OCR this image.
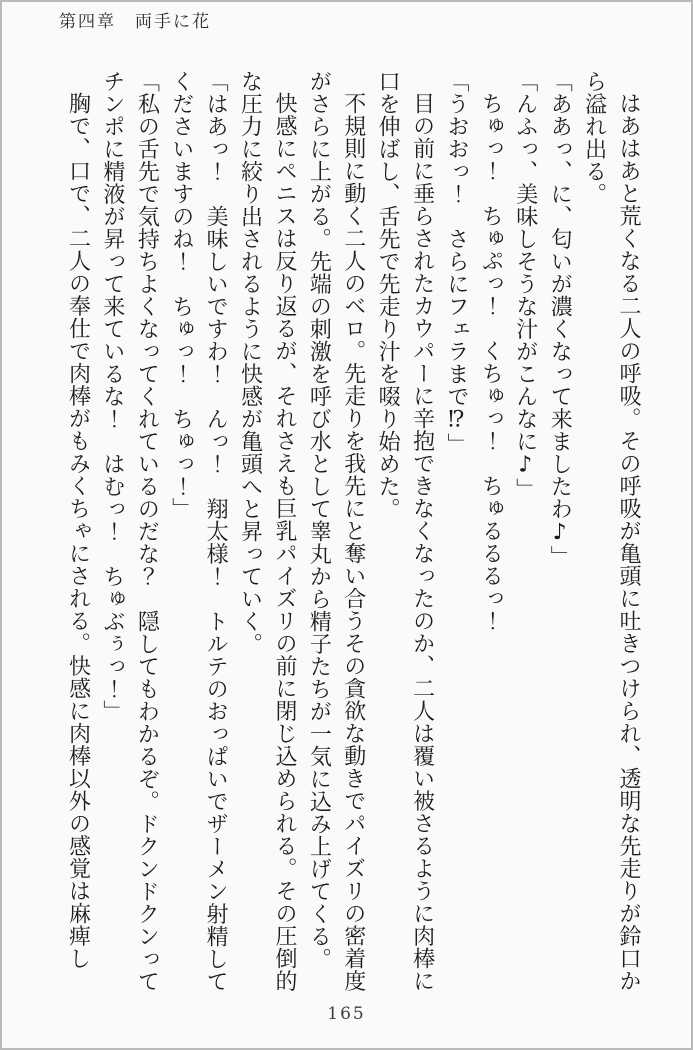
第四章　両手に花

はあはあと荒くなる二人の呼吸。その呼吸が亀頭に吐きつけられ、透明な先走りが鈴口から溢れ出る。

「ああっ、に、匂いが濃くなって来ましたわ♪」

「んふっ、美味しそうな汁がこんなに♪」

ちゅっ！　ちゅぷっ！　くちゅっ！　ちゅるるるっ！

「うおおっ！　さらにフェラまで⁉」

目の前に垂らされたカウパーに辛抱できなくなったのか、二人は覆い被さるように肉棒に口を伸ばし、舌先で先走り汁を啜り始めた。

不規則に動く二人のベロ。先走りを我先にと奪い合うその貪欲な動きでパイズリの密着度がさらに上がる。先端の刺激を呼び水として睾丸から精子たちが一気に込み上げてくる。

快感にペニスは反り返るが、それさえも巨乳パイズリの前に閉じ込められる。その圧倒的な圧力に絞り出されるように快感が亀頭へと昇っていく。

「はあっ！　美味しいですわ！　んっ！　翔太様！　トルテのおっぱいでザーメン射精してくださいますのね！　ちゅっ！　ちゅっ！」

「私の舌先で気持ちよくなってくれているのだな？　隠してもわかるぞ。ドクンドクンってチンポに精液が昇って来ているな！　はむっ！　ちゅぶぅっ！」

胸で、口で、二人の奉仕で肉棒がもみくちゃにされる。快感に肉棒以外の感覚は麻痺し

165
